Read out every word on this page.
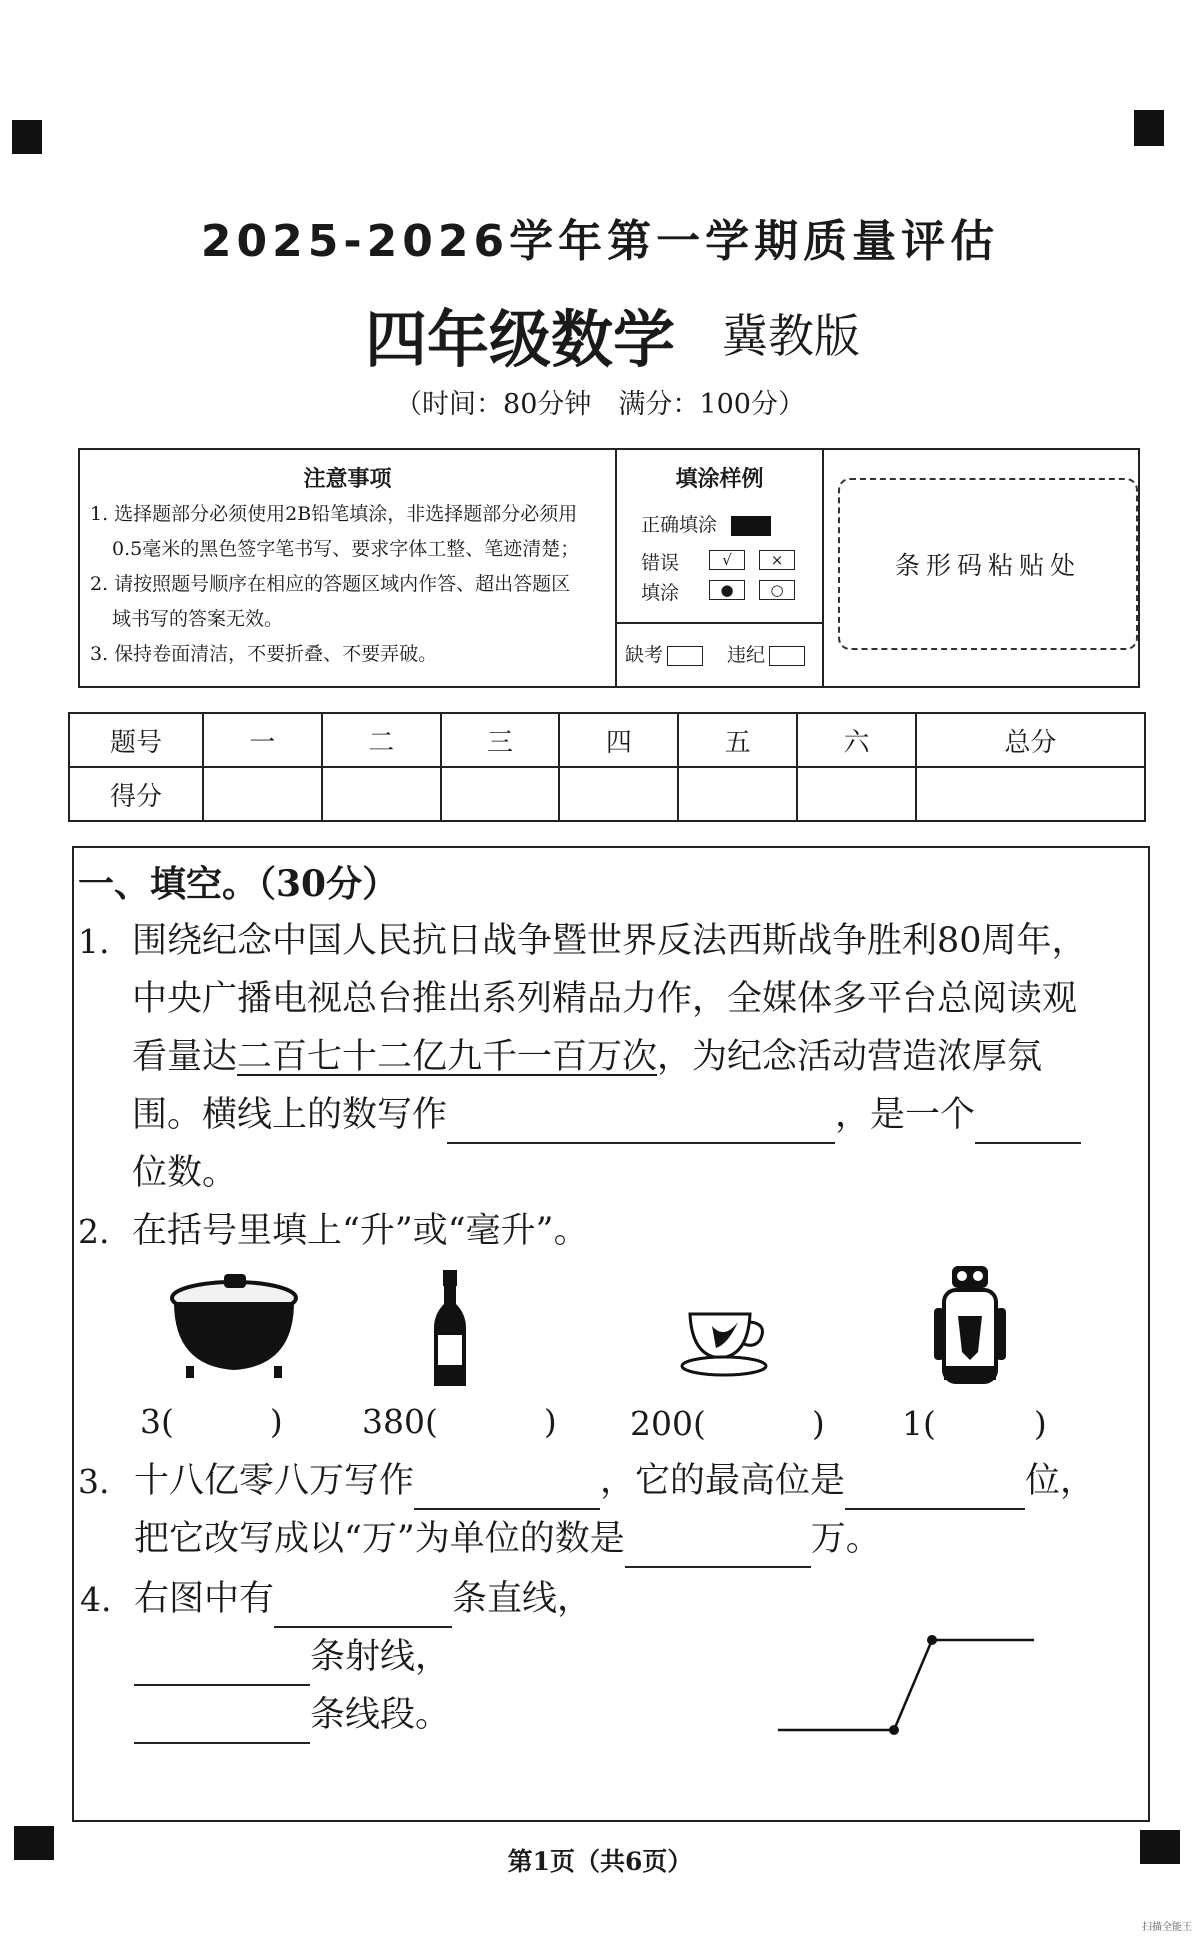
2025-2026学年第一学期质量评估
四年级数学	冀教版
（时间：80分钟　满分：100分）
注意事项
1. 选择题部分必须使用2B铅笔填涂，非选择题部分必须用
0.5毫米的黑色签字笔书写、要求字体工整、笔迹清楚；
2. 请按照题号顺序在相应的答题区域内作答、超出答题区
域书写的答案无效。
3. 保持卷面清洁，不要折叠、不要弄破。
填涂样例
正确填涂
错误
填涂
√	×
● ○
缺考	违纪
条形码粘贴处
题号	一	二	三	四	五	六	总分
得分							
一、填空。（30分）
1. 围绕纪念中国人民抗日战争暨世界反法西斯战争胜利80周年，
中央广播电视总台推出系列精品力作，全媒体多平台总阅读观
看量达二百七十二亿九千一百万次，为纪念活动营造浓厚氛
围。横线上的数写作	，是一个
位数。
2. 在括号里填上“升”或“毫升”。
3(	) 380(	) 200(	) 1(	)
3. 十八亿零八万写作	，它的最高位是	位，
把它改写成以“万”为单位的数是	万。
4. 右图中有	条直线，
条射线，
条线段。
第1页（共6页）
扫描全能王
